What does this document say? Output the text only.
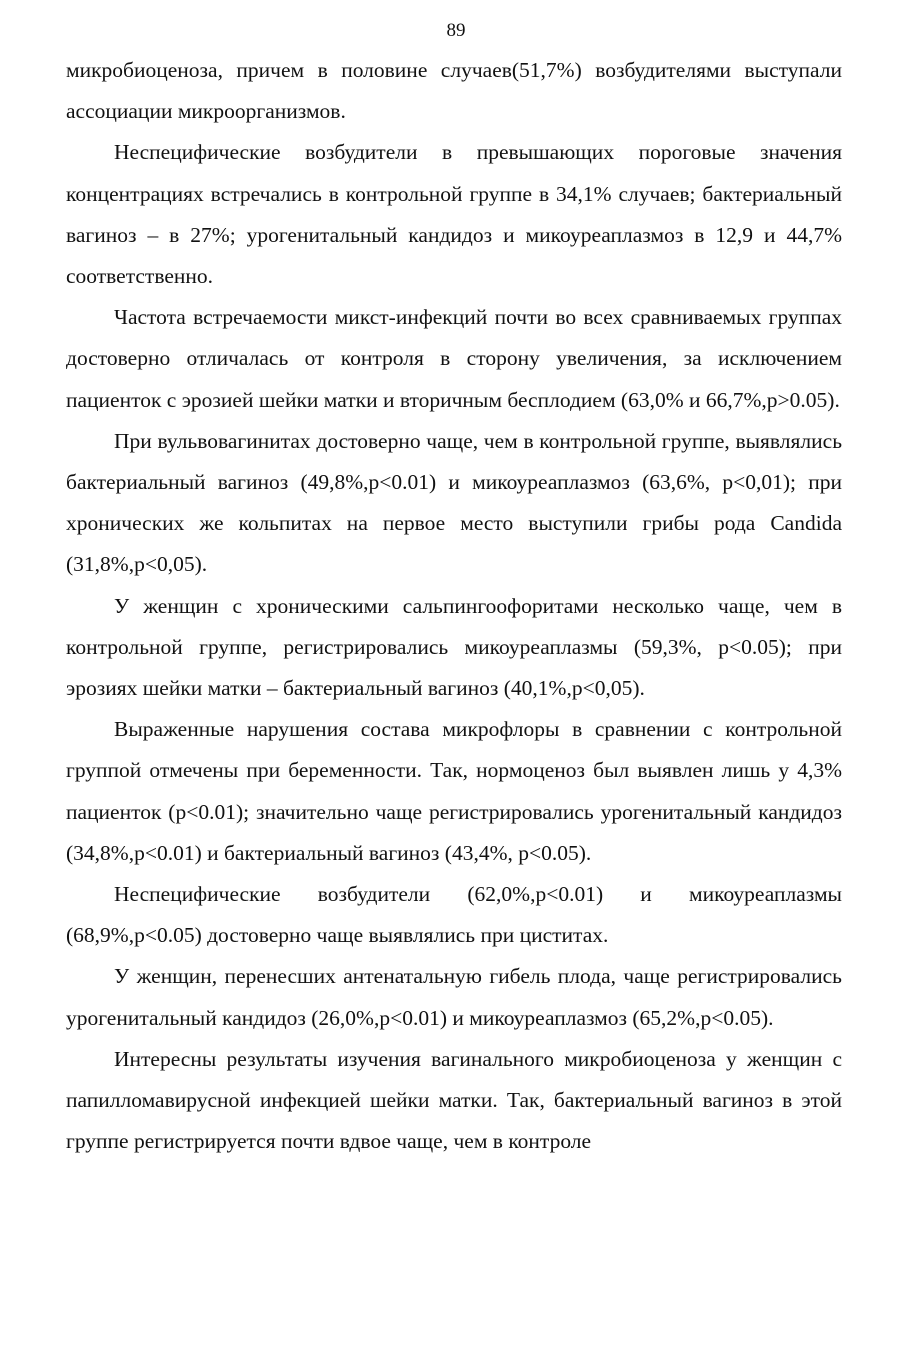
89

микробиоценоза, причем в половине случаев(51,7%) возбудителями выступали ассоциации микроорганизмов.

Неспецифические возбудители в превышающих пороговые значения концентрациях встречались в контрольной группе в 34,1% случаев; бактериальный вагиноз – в 27%; урогенитальный кандидоз и микоуреаплазмоз в 12,9 и 44,7% соответственно.

Частота встречаемости микст-инфекций почти во всех сравниваемых группах достоверно отличалась от контроля в сторону увеличения, за исключением пациенток с эрозией шейки матки и вторичным бесплодием (63,0% и 66,7%,p>0.05).

При вульвовагинитах достоверно чаще, чем в контрольной группе, выявлялись бактериальный вагиноз (49,8%,p<0.01) и микоуреаплазмоз (63,6%, p<0,01); при хронических же кольпитах на первое место выступили грибы рода Candida (31,8%,p<0,05).

У женщин с хроническими сальпингоофоритами несколько чаще, чем в контрольной группе, регистрировались микоуреаплазмы (59,3%, p<0.05); при эрозиях шейки матки – бактериальный вагиноз (40,1%,p<0,05).

Выраженные нарушения состава микрофлоры в сравнении с контрольной группой отмечены при беременности. Так, нормоценоз был выявлен лишь у 4,3% пациенток (p<0.01); значительно чаще регистрировались урогенитальный кандидоз (34,8%,p<0.01) и бактериальный вагиноз (43,4%, p<0.05).

Неспецифические возбудители (62,0%,p<0.01) и микоуреаплазмы (68,9%,p<0.05) достоверно чаще выявлялись при циститах.

У женщин, перенесших антенатальную гибель плода, чаще регистрировались урогенитальный кандидоз (26,0%,p<0.01) и микоуреаплазмоз (65,2%,p<0.05).

Интересны результаты изучения вагинального микробиоценоза у женщин с папилломавирусной инфекцией шейки матки. Так, бактериальный вагиноз в этой группе регистрируется почти вдвое чаще, чем в контроле
